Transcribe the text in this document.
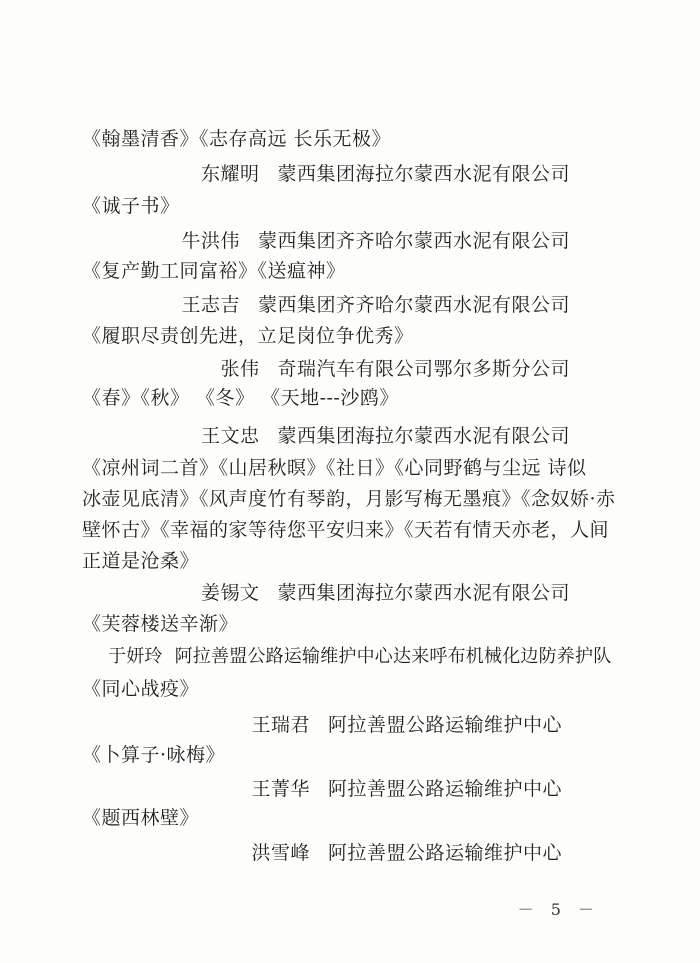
《翰墨清香》《志存高远 长乐无极》
东耀明 蒙西集团海拉尔蒙西水泥有限公司
《诚子书》
牛洪伟 蒙西集团齐齐哈尔蒙西水泥有限公司
《复产勤工同富裕》《送瘟神》
王志吉 蒙西集团齐齐哈尔蒙西水泥有限公司
《履职尽责创先进，立足岗位争优秀》
张伟 奇瑞汽车有限公司鄂尔多斯分公司
《春》《秋》 《冬》 《天地---沙鸥》
王文忠 蒙西集团海拉尔蒙西水泥有限公司
《凉州词二首》《山居秋暝》《社日》《心同野鹤与尘远 诗似
冰壶见底清》《风声度竹有琴韵，月影写梅无墨痕》《念奴娇·赤
壁怀古》《幸福的家等待您平安归来》《天若有情天亦老，人间
正道是沧桑》
姜锡文 蒙西集团海拉尔蒙西水泥有限公司
《芙蓉楼送辛渐》
于妍玲 阿拉善盟公路运输维护中心达来呼布机械化边防养护队
《同心战疫》
王瑞君 阿拉善盟公路运输维护中心
《卜算子·咏梅》
王菁华 阿拉善盟公路运输维护中心
《题西林壁》
洪雪峰 阿拉善盟公路运输维护中心
－ 5 －
